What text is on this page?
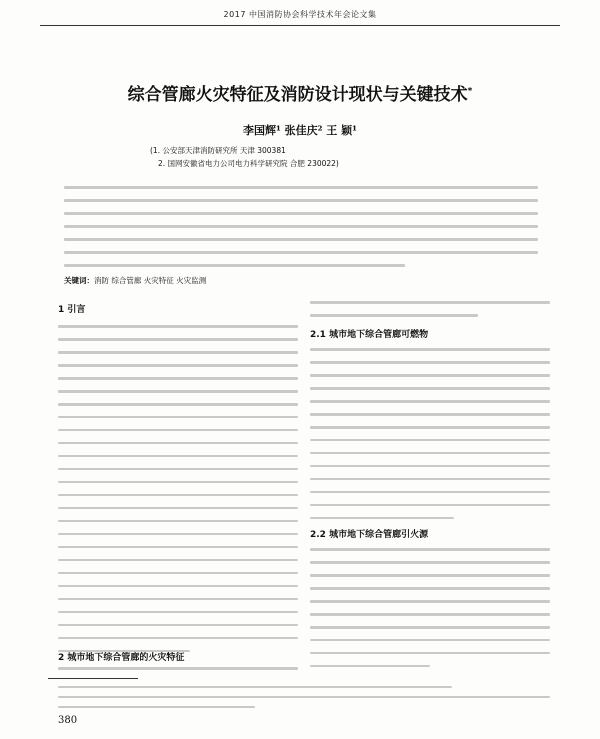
2017 中国消防协会科学技术年会论文集
综合管廊火灾特征及消防设计现状与关键技术*
李国辉¹ 张佳庆² 王 颖¹
(1. 公安部天津消防研究所 天津 300381
2. 国网安徽省电力公司电力科学研究院 合肥 230022)
关键词：消防 综合管廊 火灾特征 火灾监测
1 引言
2 城市地下综合管廊的火灾特征
2.1 城市地下综合管廊可燃物
2.2 城市地下综合管廊引火源
380
